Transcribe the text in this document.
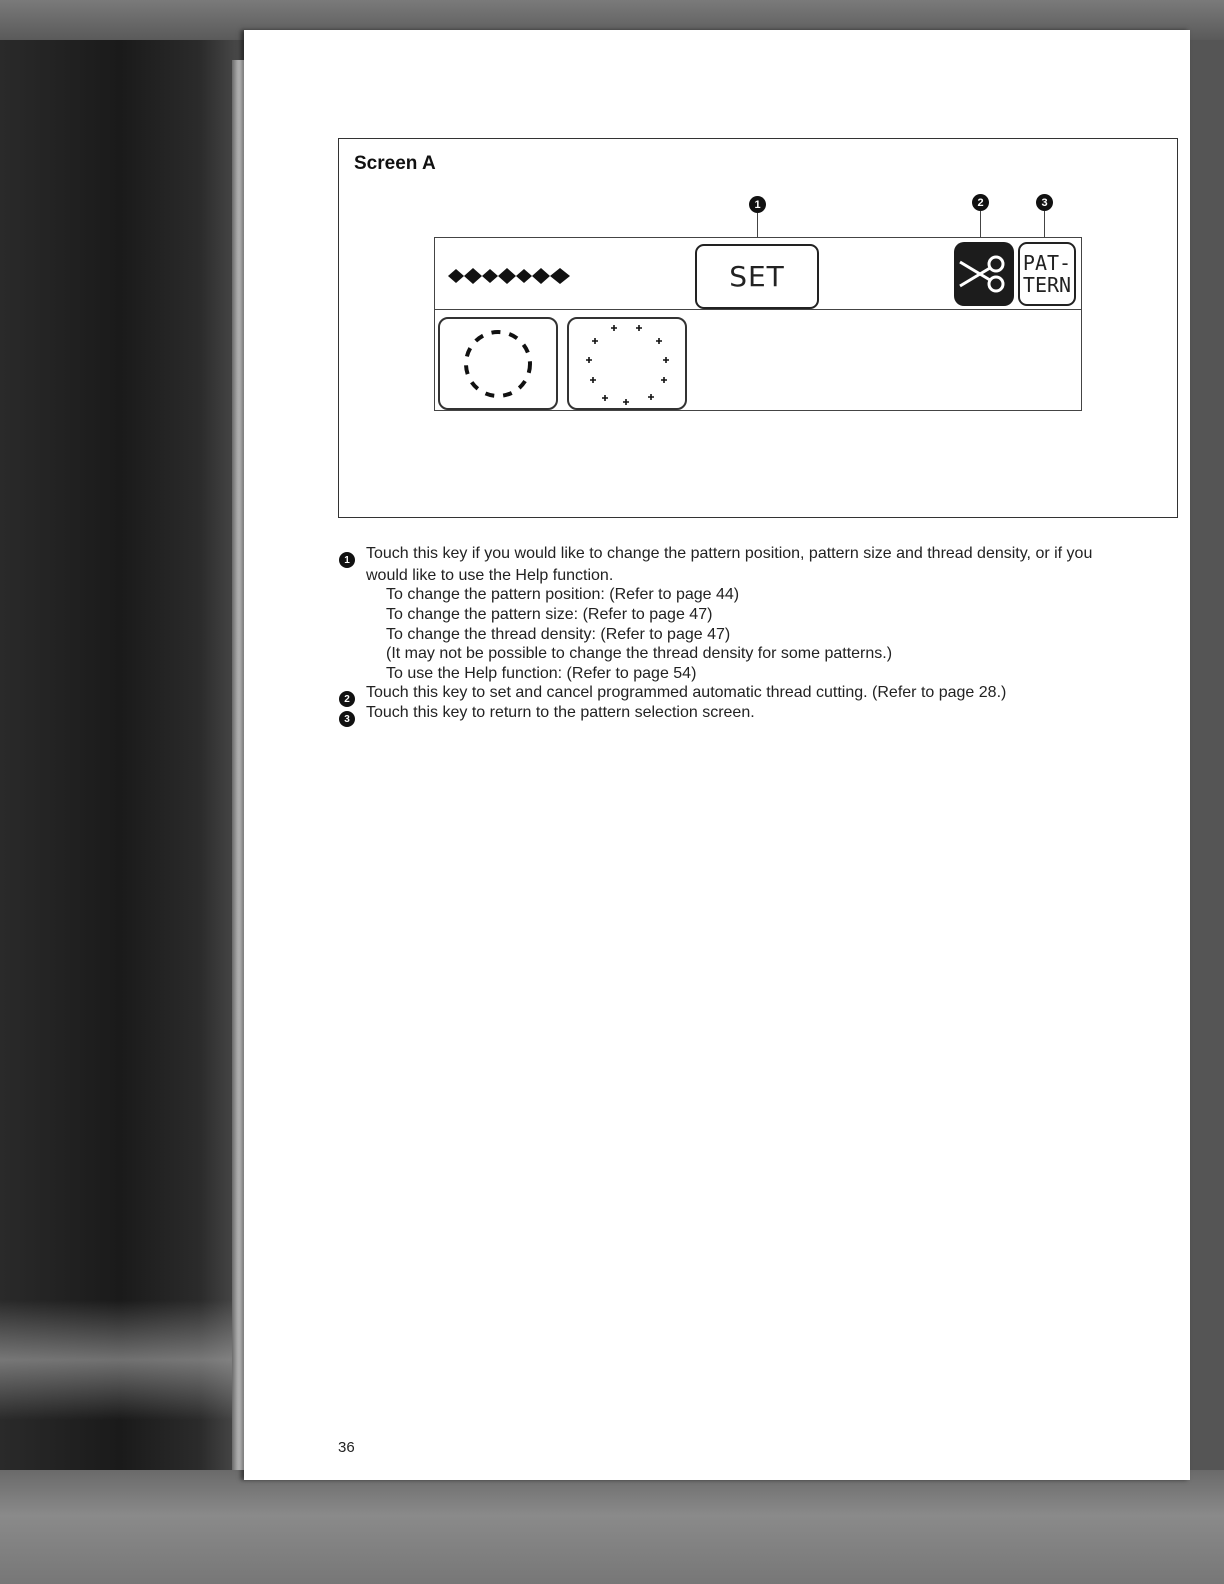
Screen A
1	2	3
SET	PAT-
TERN
1	Touch this key if you would like to change the pattern position, pattern size and thread density, or if you
would like to use the Help function.
To change the pattern position: (Refer to page 44)
To change the pattern size: (Refer to page 47)
To change the thread density: (Refer to page 47)
(It may not be possible to change the thread density for some patterns.)
To use the Help function: (Refer to page 54)
2	Touch this key to set and cancel programmed automatic thread cutting. (Refer to page 28.)
3	Touch this key to return to the pattern selection screen.
36
